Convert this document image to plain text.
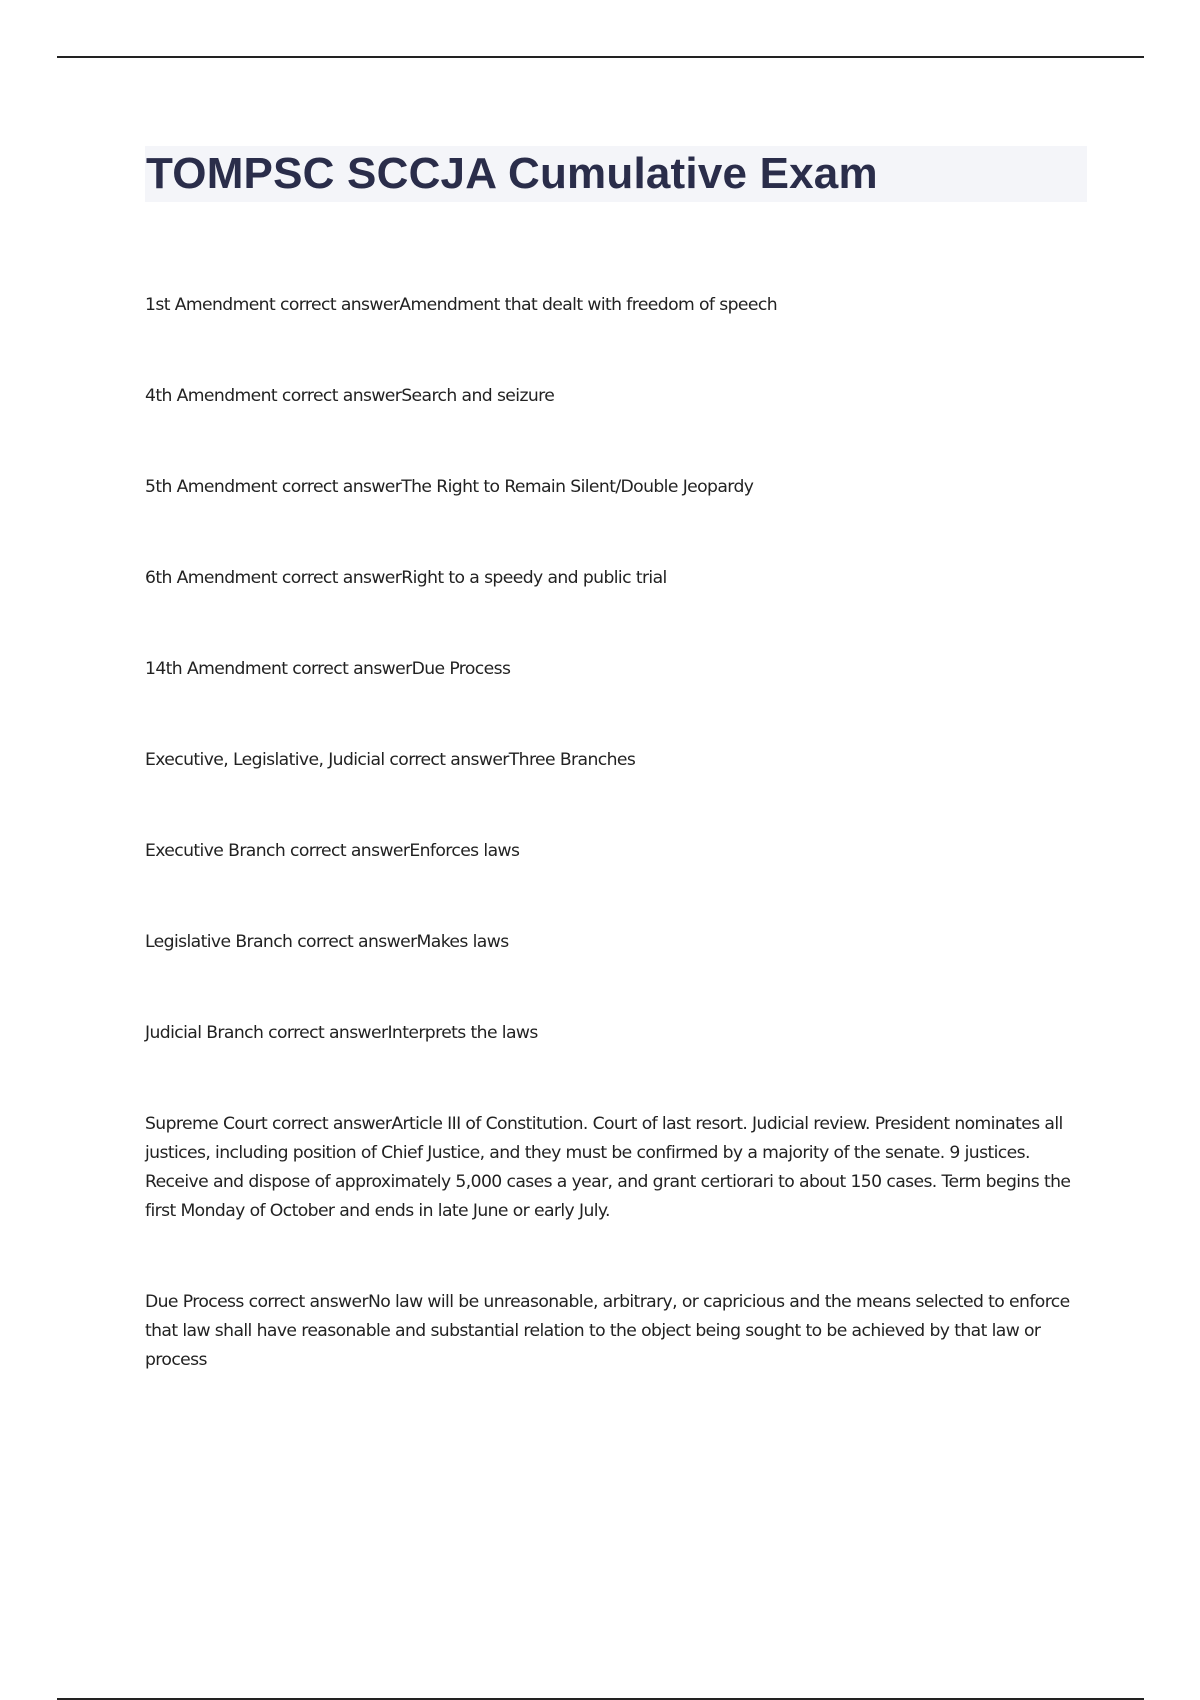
TOMPSC SCCJA Cumulative Exam

1st Amendment correct answerAmendment that dealt with freedom of speech

4th Amendment correct answerSearch and seizure

5th Amendment correct answerThe Right to Remain Silent/Double Jeopardy

6th Amendment correct answerRight to a speedy and public trial

14th Amendment correct answerDue Process

Executive, Legislative, Judicial correct answerThree Branches

Executive Branch correct answerEnforces laws

Legislative Branch correct answerMakes laws

Judicial Branch correct answerInterprets the laws

Supreme Court correct answerArticle III of Constitution. Court of last resort. Judicial review. President nominates all justices, including position of Chief Justice, and they must be confirmed by a majority of the senate. 9 justices. Receive and dispose of approximately 5,000 cases a year, and grant certiorari to about 150 cases. Term begins the first Monday of October and ends in late June or early July.

Due Process correct answerNo law will be unreasonable, arbitrary, or capricious and the means selected to enforce that law shall have reasonable and substantial relation to the object being sought to be achieved by that law or process
